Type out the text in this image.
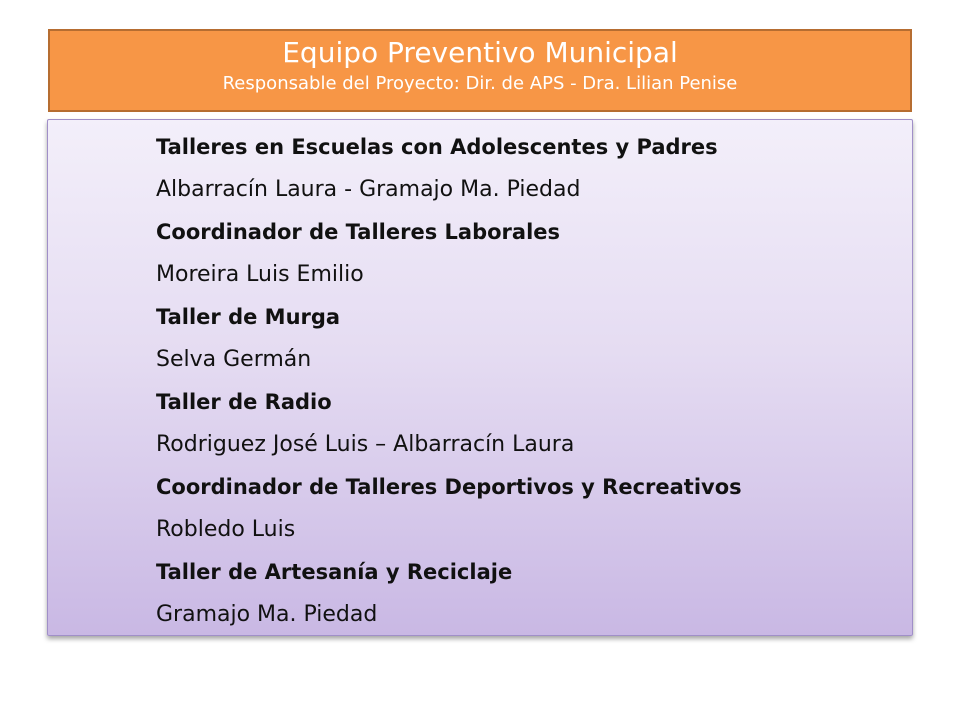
Equipo Preventivo Municipal
Responsable del Proyecto: Dir. de APS - Dra. Lilian Penise
Talleres en Escuelas con Adolescentes y Padres
Albarracín Laura - Gramajo Ma. Piedad
Coordinador de Talleres Laborales
Moreira Luis Emilio
Taller de Murga
Selva Germán
Taller de Radio
Rodriguez José Luis – Albarracín Laura
Coordinador de Talleres Deportivos y Recreativos
Robledo Luis
Taller de Artesanía y Reciclaje
Gramajo Ma. Piedad
